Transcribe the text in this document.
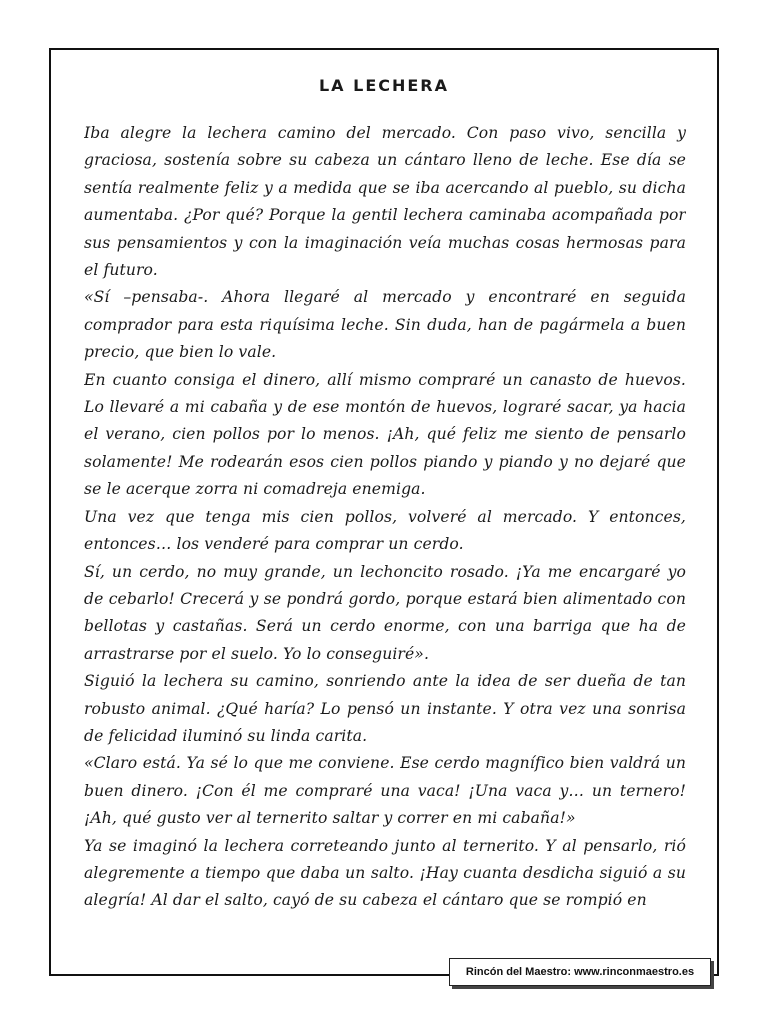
LA LECHERA

Iba alegre la lechera camino del mercado. Con paso vivo, sencilla y graciosa, sostenía sobre su cabeza un cántaro lleno de leche. Ese día se sentía realmente feliz y a medida que se iba acercando al pueblo, su dicha aumentaba. ¿Por qué? Porque la gentil lechera caminaba acompañada por sus pensamientos y con la imaginación veía muchas cosas hermosas para el futuro.

«Sí –pensaba-. Ahora llegaré al mercado y encontraré en seguida comprador para esta riquísima leche. Sin duda, han de pagármela a buen precio, que bien lo vale.

En cuanto consiga el dinero, allí mismo compraré un canasto de huevos. Lo llevaré a mi cabaña y de ese montón de huevos, lograré sacar, ya hacia el verano, cien pollos por lo menos. ¡Ah, qué feliz me siento de pensarlo solamente! Me rodearán esos cien pollos piando y piando y no dejaré que se le acerque zorra ni comadreja enemiga.

Una vez que tenga mis cien pollos, volveré al mercado. Y entonces, entonces… los venderé para comprar un cerdo.

Sí, un cerdo, no muy grande, un lechoncito rosado. ¡Ya me encargaré yo de cebarlo! Crecerá y se pondrá gordo, porque estará bien alimentado con bellotas y castañas. Será un cerdo enorme, con una barriga que ha de arrastrarse por el suelo. Yo lo conseguiré».

Siguió la lechera su camino, sonriendo ante la idea de ser dueña de tan robusto animal. ¿Qué haría? Lo pensó un instante. Y otra vez una sonrisa de felicidad iluminó su linda carita.

«Claro está. Ya sé lo que me conviene. Ese cerdo magnífico bien valdrá un buen dinero. ¡Con él me compraré una vaca! ¡Una vaca y… un ternero! ¡Ah, qué gusto ver al ternerito saltar y correr en mi cabaña!»

Ya se imaginó la lechera correteando junto al ternerito. Y al pensarlo, rió alegremente a tiempo que daba un salto. ¡Hay cuanta desdicha siguió a su alegría! Al dar el salto, cayó de su cabeza el cántaro que se rompió en

Rincón del Maestro: www.rinconmaestro.es
